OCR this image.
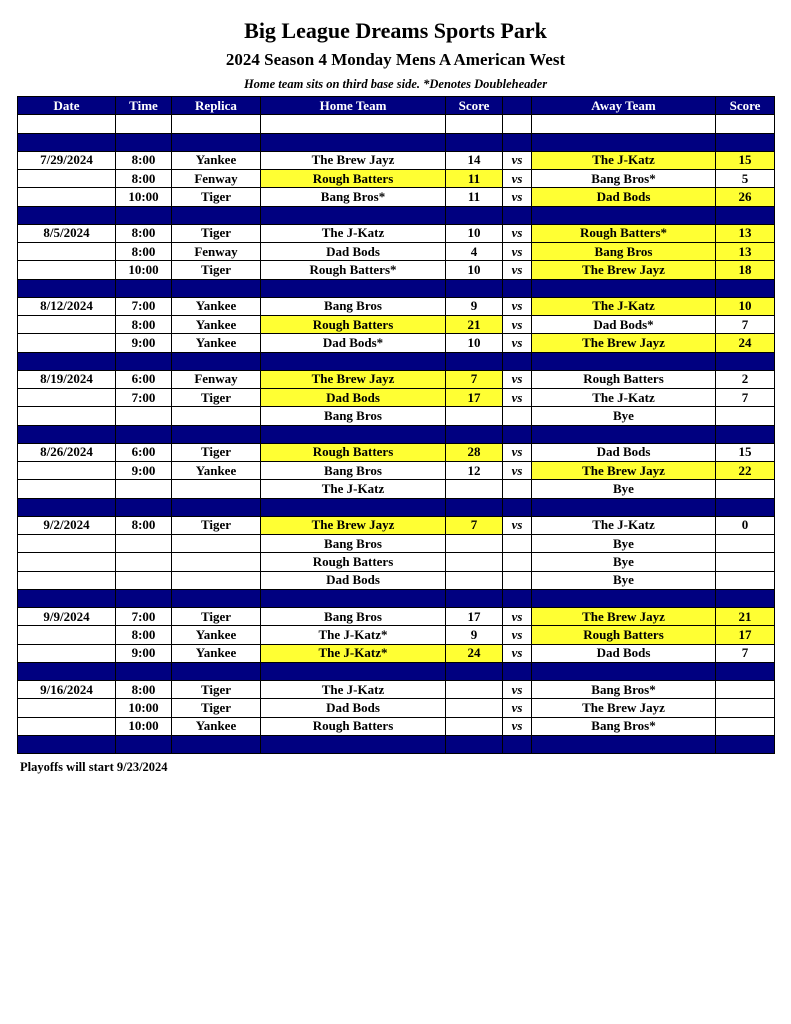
Big League Dreams Sports Park
2024 Season 4 Monday Mens A American West
Home team sits on third base side. *Denotes Doubleheader
Date	Time	Replica	Home Team	Score		Away Team	Score

7/29/2024	8:00	Yankee	The Brew Jayz	14	vs	The J-Katz	15
	8:00	Fenway	Rough Batters	11	vs	Bang Bros*	5
	10:00	Tiger	Bang Bros*	11	vs	Dad Bods	26

8/5/2024	8:00	Tiger	The J-Katz	10	vs	Rough Batters*	13
	8:00	Fenway	Dad Bods	4	vs	Bang Bros	13
	10:00	Tiger	Rough Batters*	10	vs	The Brew Jayz	18

8/12/2024	7:00	Yankee	Bang Bros	9	vs	The J-Katz	10
	8:00	Yankee	Rough Batters	21	vs	Dad Bods*	7
	9:00	Yankee	Dad Bods*	10	vs	The Brew Jayz	24

8/19/2024	6:00	Fenway	The Brew Jayz	7	vs	Rough Batters	2
	7:00	Tiger	Dad Bods	17	vs	The J-Katz	7
			Bang Bros			Bye	

8/26/2024	6:00	Tiger	Rough Batters	28	vs	Dad Bods	15
	9:00	Yankee	Bang Bros	12	vs	The Brew Jayz	22
			The J-Katz			Bye	

9/2/2024	8:00	Tiger	The Brew Jayz	7	vs	The J-Katz	0
			Bang Bros			Bye	
			Rough Batters			Bye	
			Dad Bods			Bye	

9/9/2024	7:00	Tiger	Bang Bros	17	vs	The Brew Jayz	21
	8:00	Yankee	The J-Katz*	9	vs	Rough Batters	17
	9:00	Yankee	The J-Katz*	24	vs	Dad Bods	7

9/16/2024	8:00	Tiger	The J-Katz		vs	Bang Bros*	
	10:00	Tiger	Dad Bods		vs	The Brew Jayz	
	10:00	Yankee	Rough Batters		vs	Bang Bros*	

Playoffs will start 9/23/2024
